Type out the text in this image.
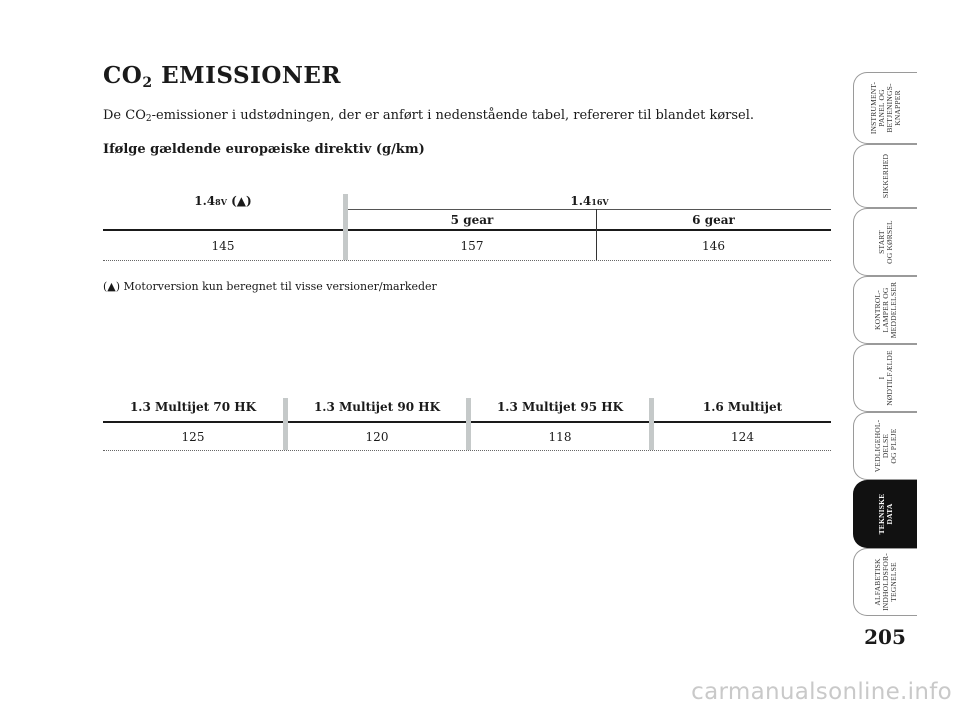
$CO_2$ EMISSIONER
De $CO_2$-emissioner i udstødningen, der er anført i nedenstående tabel, refererer til blandet kørsel.
Ifølge gældende europæiske direktiv (g/km)
1.48V (▲)	1.416V
5 gear	6 gear
145	157	146
(▲) Motorversion kun beregnet til visse versioner/markeder
1.3 Multijet 70 HK	1.3 Multijet 90 HK	1.3 Multijet 95 HK	1.6 Multijet
125	120	118	124
INSTRUMENT-
PANEL OG
BETJENINGS-
KNAPPER
SIKKERHED
START
OG KØRSEL
KONTROL-
LAMPER OG
MEDDELELSER
I
NØDTILFÆLDE
VEDLIGEHOL-
DELSE
OG PLEJE
TEKNISKE
DATA
ALFABETISK
INDHOLDSFOR-
TEGNELSE
205
carmanualsonline.info
